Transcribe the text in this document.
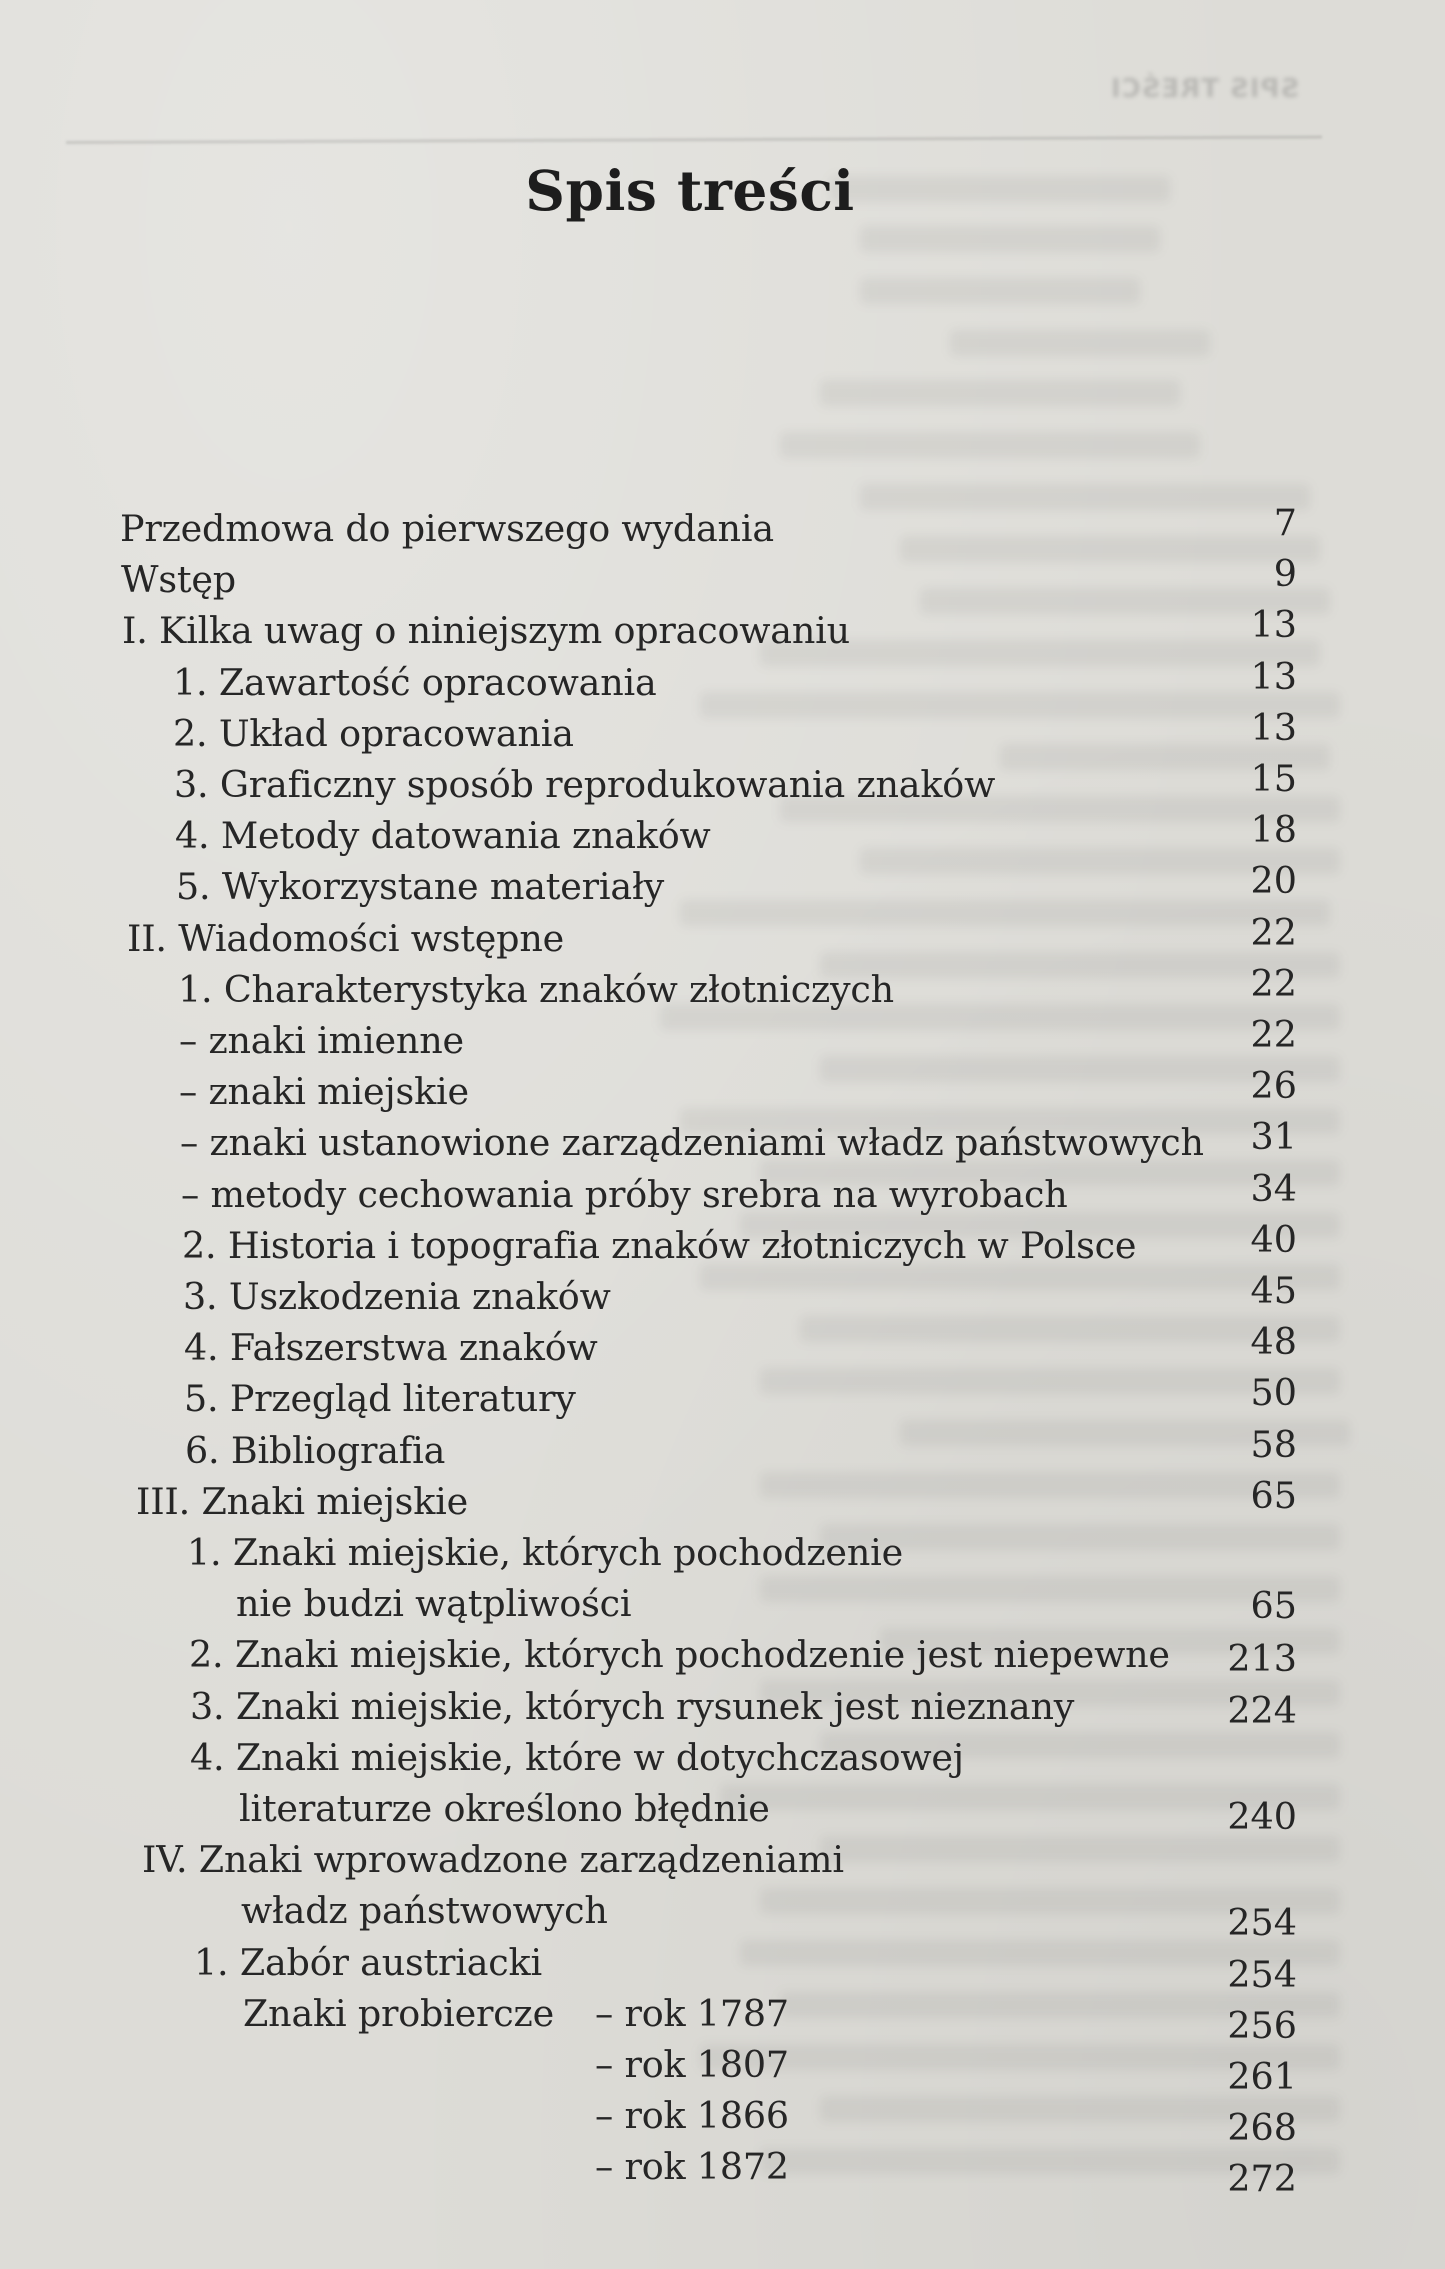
SPIS TREŚCI
Spis treści
Przedmowa do pierwszego wydania	7
Wstęp	9
I. Kilka uwag o niniejszym opracowaniu	13
1. Zawartość opracowania	13
2. Układ opracowania	13
3. Graficzny sposób reprodukowania znaków	15
4. Metody datowania znaków	18
5. Wykorzystane materiały	20
II. Wiadomości wstępne	22
1. Charakterystyka znaków złotniczych	22
– znaki imienne	22
– znaki miejskie	26
– znaki ustanowione zarządzeniami władz państwowych 31
– metody cechowania próby srebra na wyrobach	34
2. Historia i topografia znaków złotniczych w Polsce	40
3. Uszkodzenia znaków	45
4. Fałszerstwa znaków	48
5. Przegląd literatury	50
6. Bibliografia	58
III. Znaki miejskie	65
1. Znaki miejskie, których pochodzenie
nie budzi wątpliwości	65
2. Znaki miejskie, których pochodzenie jest niepewne 213
3. Znaki miejskie, których rysunek jest nieznany	224
4. Znaki miejskie, które w dotychczasowej
literaturze określono błędnie	240
IV. Znaki wprowadzone zarządzeniami
władz państwowych	254
1. Zabór austriacki	254
Znaki probiercze – rok 1787	256
– rok 1807	261
– rok 1866	268
– rok 1872	272
